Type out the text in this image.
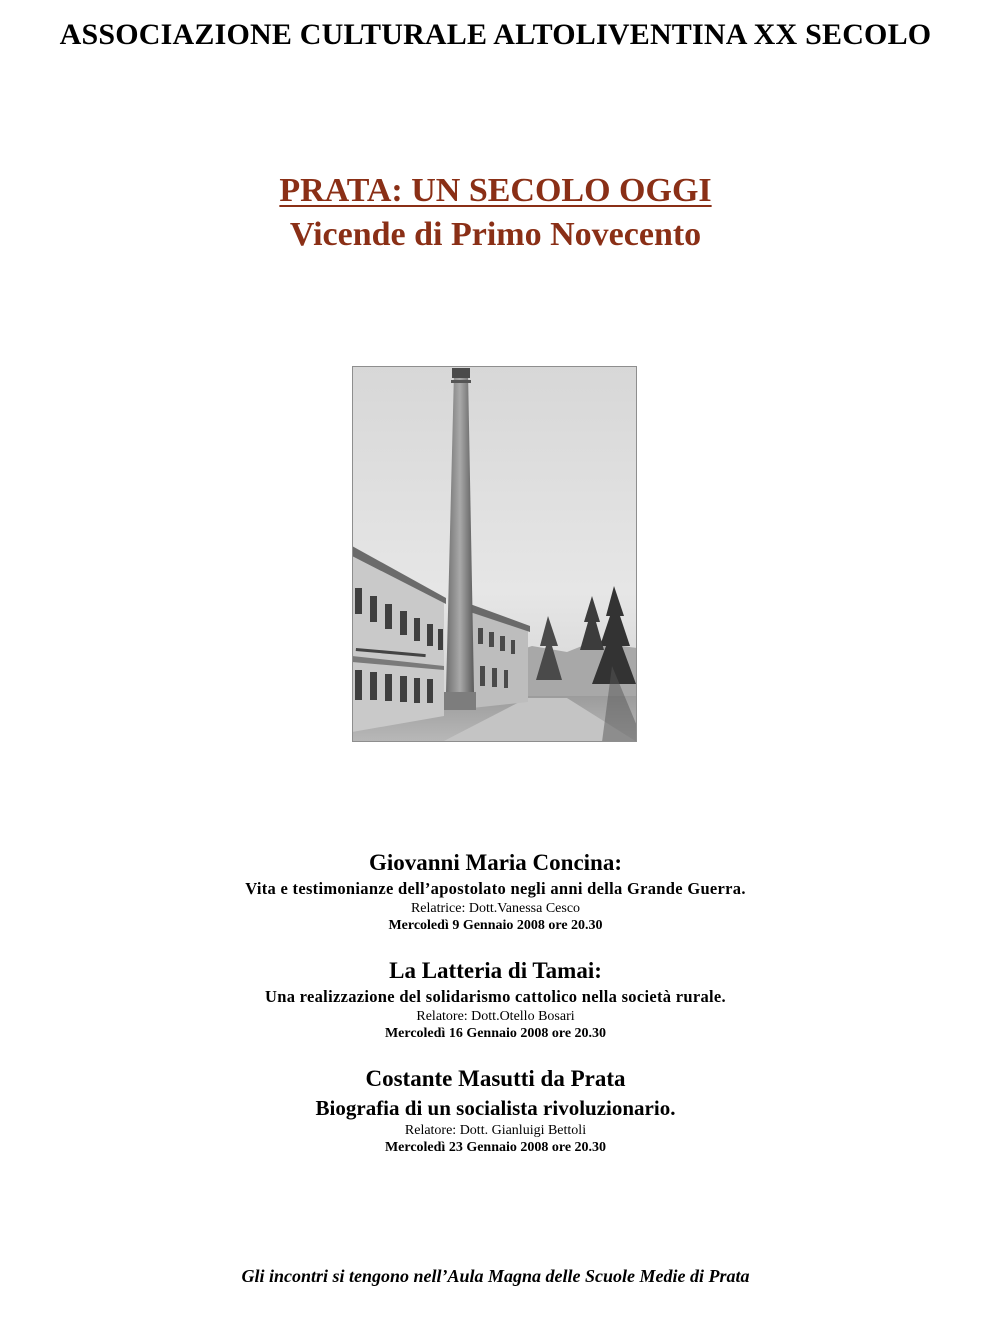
ASSOCIAZIONE CULTURALE ALTOLIVENTINA XX SECOLO
PRATA: UN SECOLO OGGI
Vicende di Primo Novecento
Giovanni Maria Concina:
Vita e testimonianze dell’apostolato negli anni della Grande Guerra.
Relatrice: Dott.Vanessa Cesco
Mercoledì 9 Gennaio 2008 ore 20.30
La Latteria di Tamai:
Una realizzazione del solidarismo cattolico nella società rurale.
Relatore: Dott.Otello Bosari
Mercoledì 16 Gennaio 2008 ore 20.30
Costante Masutti da Prata
Biografia di un socialista rivoluzionario.
Relatore: Dott. Gianluigi Bettoli
Mercoledì 23 Gennaio 2008 ore 20.30
Gli incontri si tengono nell’Aula Magna delle Scuole Medie di Prata
